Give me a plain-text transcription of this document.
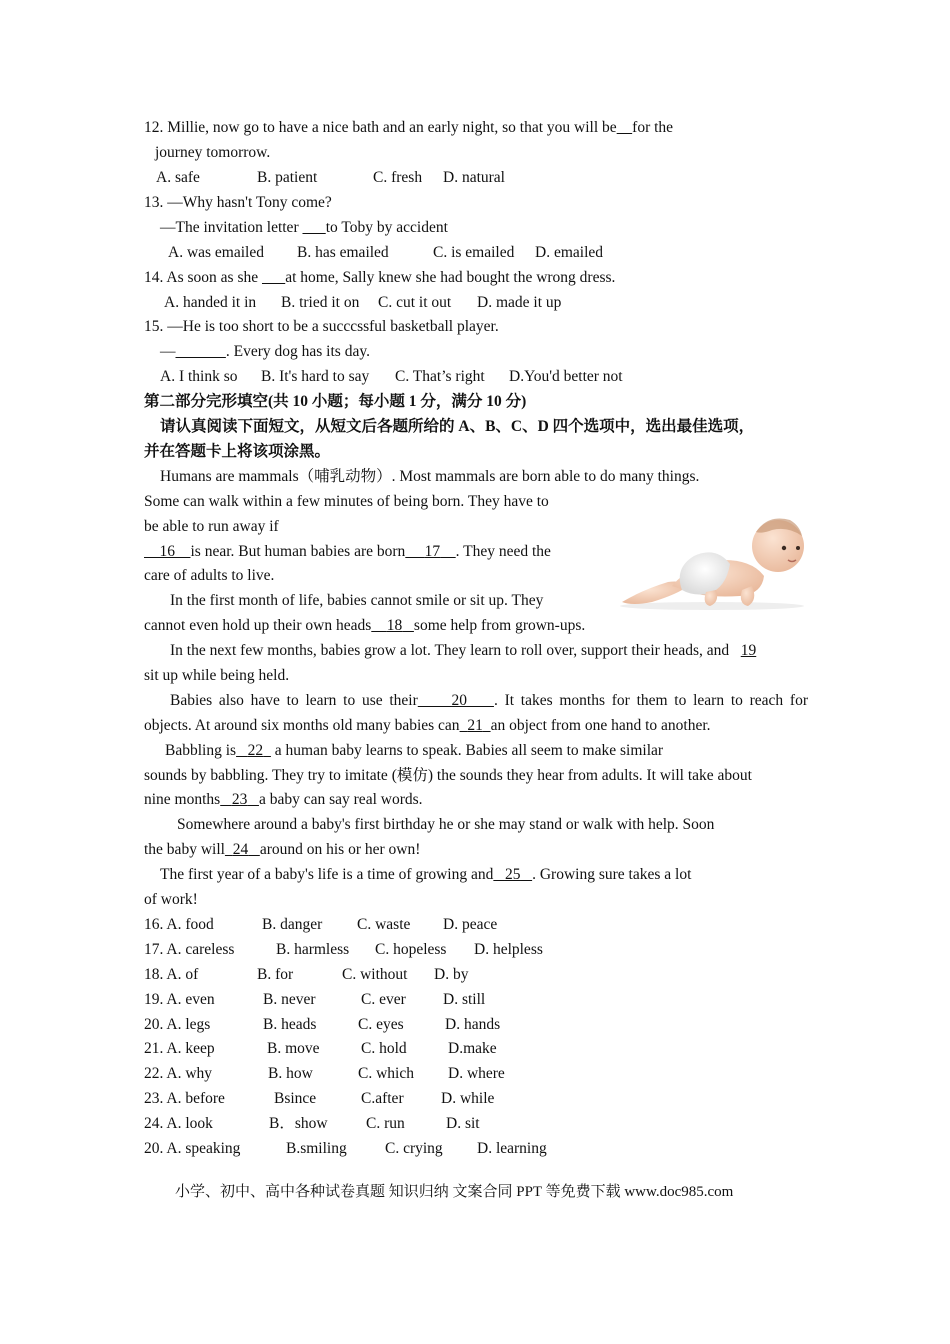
12. Millie, now go to have a nice bath and an early night, so that you will be for the
journey tomorrow.
A. safe	B. patient	C. fresh D. natural
13. —Why hasn't Tony come?
—The invitation letter       to Toby by accident
A. was emailed B. has emailed	C. is emailed D. emailed
14. As soon as she       at home, Sally knew she had bought the wrong dress.
A. handed it in B. tried it on C. cut it out D. made it up
15. —He is too short to be a succcssful basketball player.
—	. Every dog has its day.
A. I think so B. It's hard to say C. That’s right D.You'd better not
第二部分完形填空(共 10 小题；每小题 1 分，满分 10 分)
请认真阅读下面短文，从短文后各题所给的 A、B、C、D 四个选项中，选出最佳选项，
并在答题卡上将该项涂黑。
Humans are mammals（哺乳动物）. Most mammals are born able to do many things.
Some can walk within a few minutes of being born. They have to
be able to run away if
16 is near. But human babies are born 17 . They need the
care of adults to live.
In the first month of life, babies cannot smile or sit up. They
cannot even hold up their own heads 18 some help from grown-ups.
In the next few months, babies grow a lot. They learn to roll over, support their heads, and 19
sit up while being held.
Babies also have to learn to use their 20 . It takes months for them to learn to reach for
objects. At around six months old many babies can 21 an object from one hand to another.
Babbling is 22   a human baby learns to speak. Babies all seem to make similar
sounds by babbling. They try to imitate (模仿) the sounds they hear from adults. It will take about
nine months 23 a baby can say real words.
Somewhere around a baby's first birthday he or she may stand or walk with help. Soon
the baby will 24 around on his or her own!
The first year of a baby's life is a time of growing and 25 . Growing sure takes a lot
of work!
16. A. food	B. danger C. waste D. peace
17. A. careless	B. harmless C. hopeless D. helpless
18. A. of	B. for	C. without D. by
19. A. even	B. never	C. ever D. still
20. A. legs	B. heads	C. eyes	D. hands
21. A. keep	B. move	C. hold	D.make
22. A. why	B. how	C. which D. where
23. A. before	Bsince	C.after D. while
24. A. look	B．show C. run	D. sit
20. A. speaking	B.smiling C. crying D. learning
小学、初中、高中各种试卷真题 知识归纳 文案合同 PPT 等免费下载 www.doc985.com
